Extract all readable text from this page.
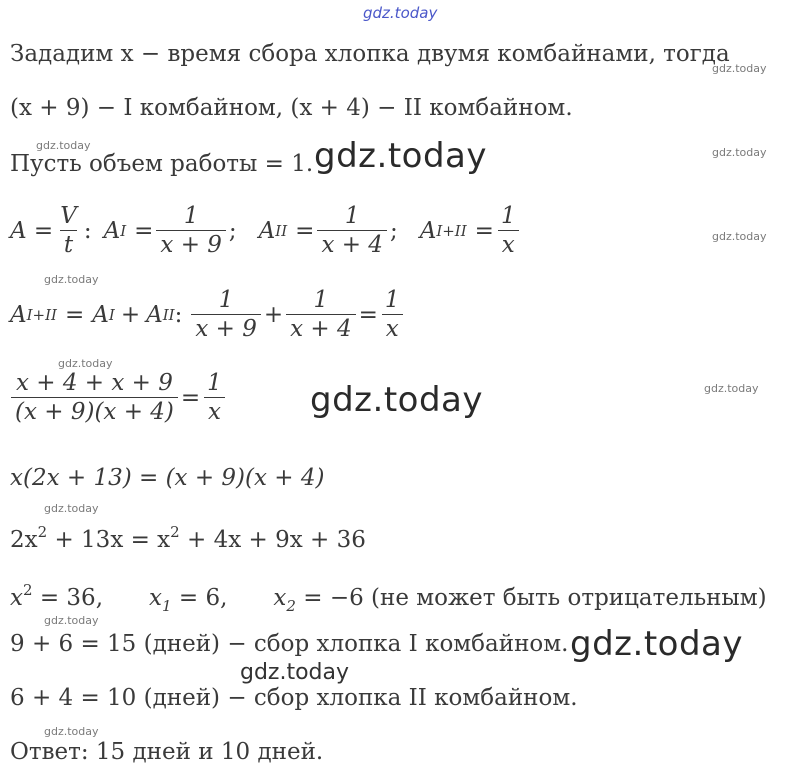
gdz.today
Зададим x − время сбора хлопка двумя комбайнами, тогда
gdz.today
(x + 9) − I комбайном, (x + 4) − II комбайном.
gdz.today
Пусть объем работы = 1. gdz.today	gdz.today
$A = \frac{V}{t}$ : A $I = \frac{1}{x + 9}$ ; A II = $\frac{1}{x + 4}$ ; A $I+II = \frac{1}{x}$	gdz.today
gdz.today
A I+II = A I + A II : $\frac{1}{x + 9} + \frac{1}{x + 4} = \frac{1}{x}$
gdz.today
$\frac{x + 4 + x + 9}{(x + 9)(x + 4)} = \frac{1}{x}$ gdz.today	gdz.today
x(2x + 13) = (x + 9)(x + 4)
gdz.today
$2x^2 + 13x = x^2 + 4x + 9x + 36$
$x^2 = 36$, $x_1 = 6$, $x_2 = -6$ (не может быть отрицательным)
gdz.today
9 + 6 = 15 (дней) − сбор хлопка I комбайном. gdz.today
gdz.today
6 + 4 = 10 (дней) − сбор хлопка II комбайном.
gdz.today
Ответ: 15 дней и 10 дней.
